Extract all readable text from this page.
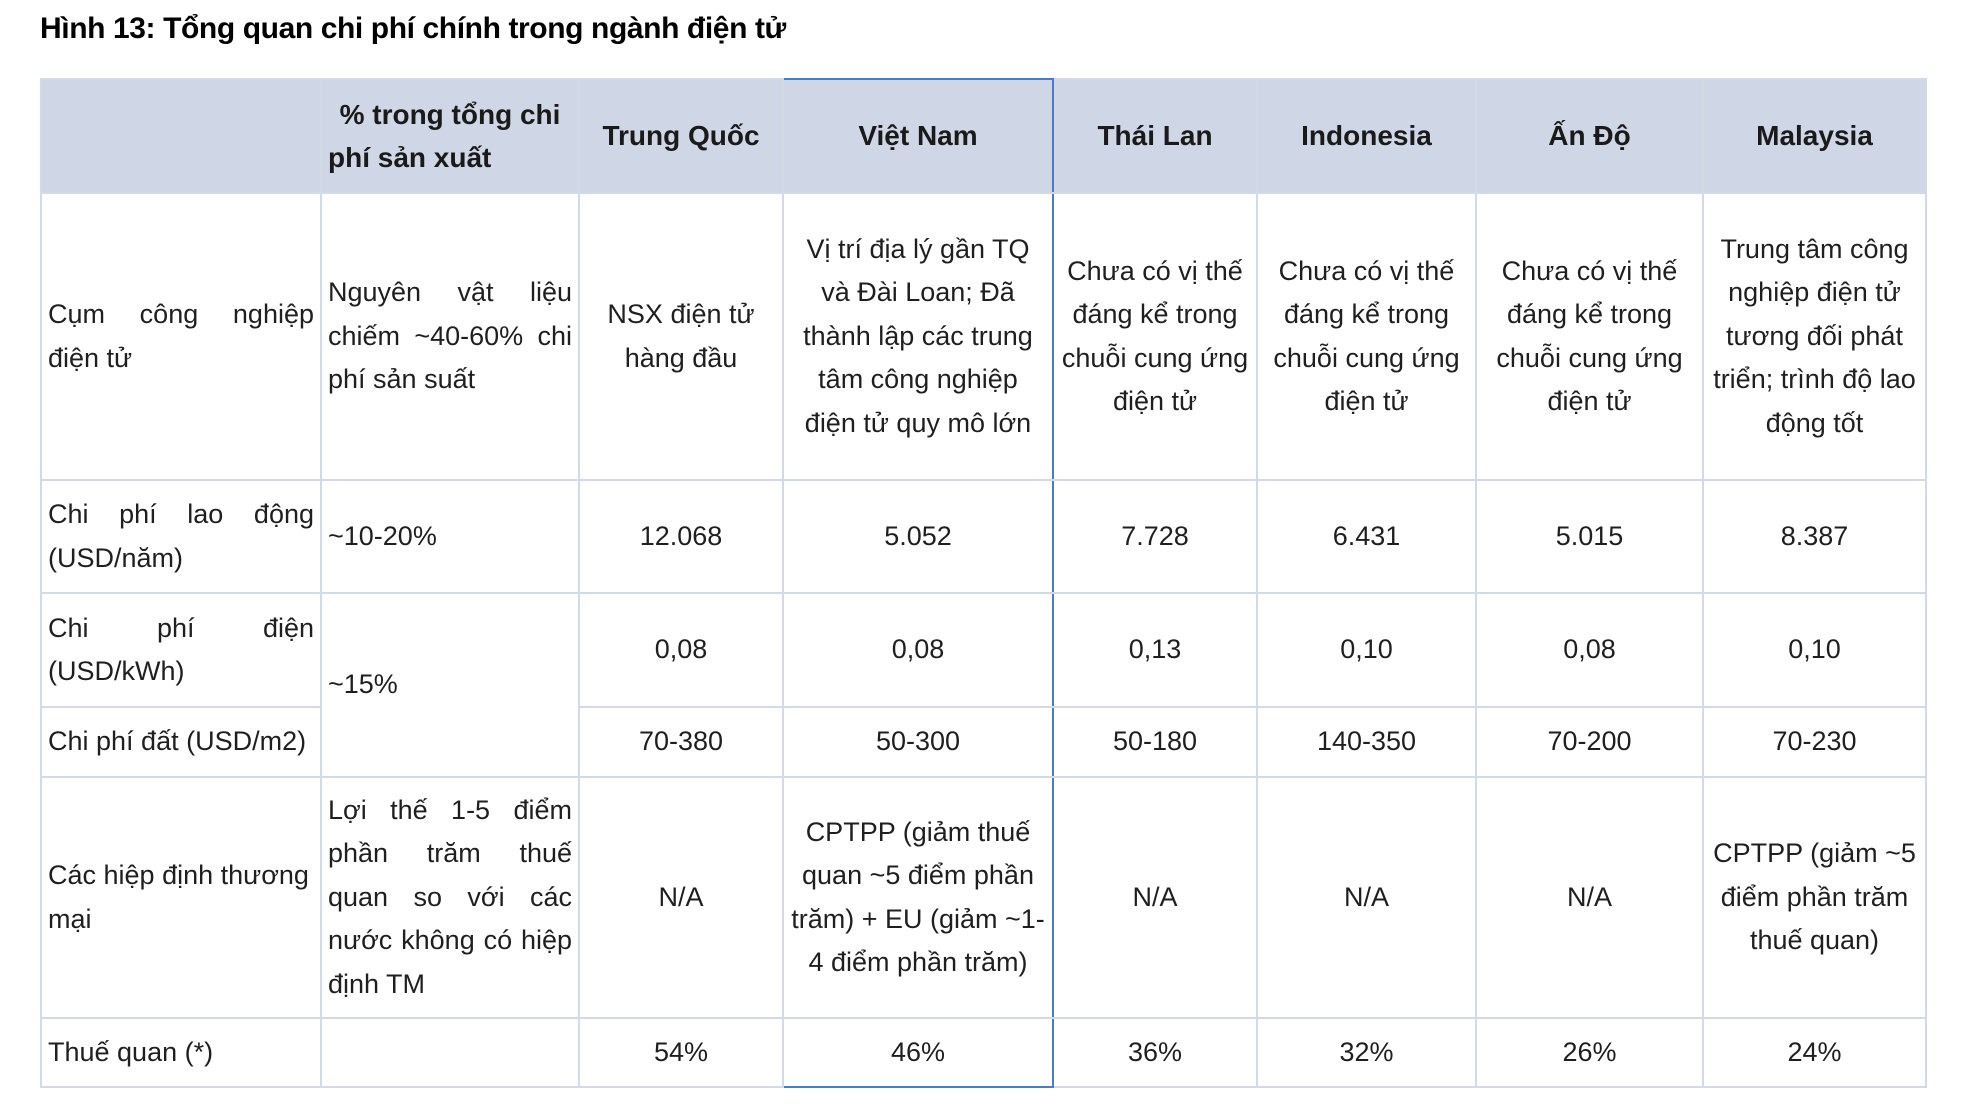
Hình 13: Tổng quan chi phí chính trong ngành điện tử
	% trong tổng chi phí sản xuất	Trung Quốc	Việt Nam	Thái Lan	Indonesia	Ấn Độ	Malaysia
Cụm công nghiệp điện tử	Nguyên vật liệu chiếm ~40-60% chi phí sản suất	NSX điện tử hàng đầu	Vị trí địa lý gần TQ và Đài Loan; Đã thành lập các trung tâm công nghiệp điện tử quy mô lớn	Chưa có vị thế đáng kể trong chuỗi cung ứng điện tử	Chưa có vị thế đáng kể trong chuỗi cung ứng điện tử	Chưa có vị thế đáng kể trong chuỗi cung ứng điện tử	Trung tâm công nghiệp điện tử tương đối phát triển; trình độ lao động tốt
Chi phí lao động (USD/năm)	~10-20%	12.068	5.052	7.728	6.431	5.015	8.387
Chi phí điện (USD/kWh)	~15%	0,08	0,08	0,13	0,10	0,08	0,10
Chi phí đất (USD/m2)		70-380	50-300	50-180	140-350	70-200	70-230
Các hiệp định thương mại	Lợi thế 1-5 điểm phần trăm thuế quan so với các nước không có hiệp định TM	N/A	CPTPP (giảm thuế quan ~5 điểm phần trăm) + EU (giảm ~1-4 điểm phần trăm)	N/A	N/A	N/A	CPTPP (giảm ~5 điểm phần trăm thuế quan)
Thuế quan (*)		54%	46%	36%	32%	26%	24%
